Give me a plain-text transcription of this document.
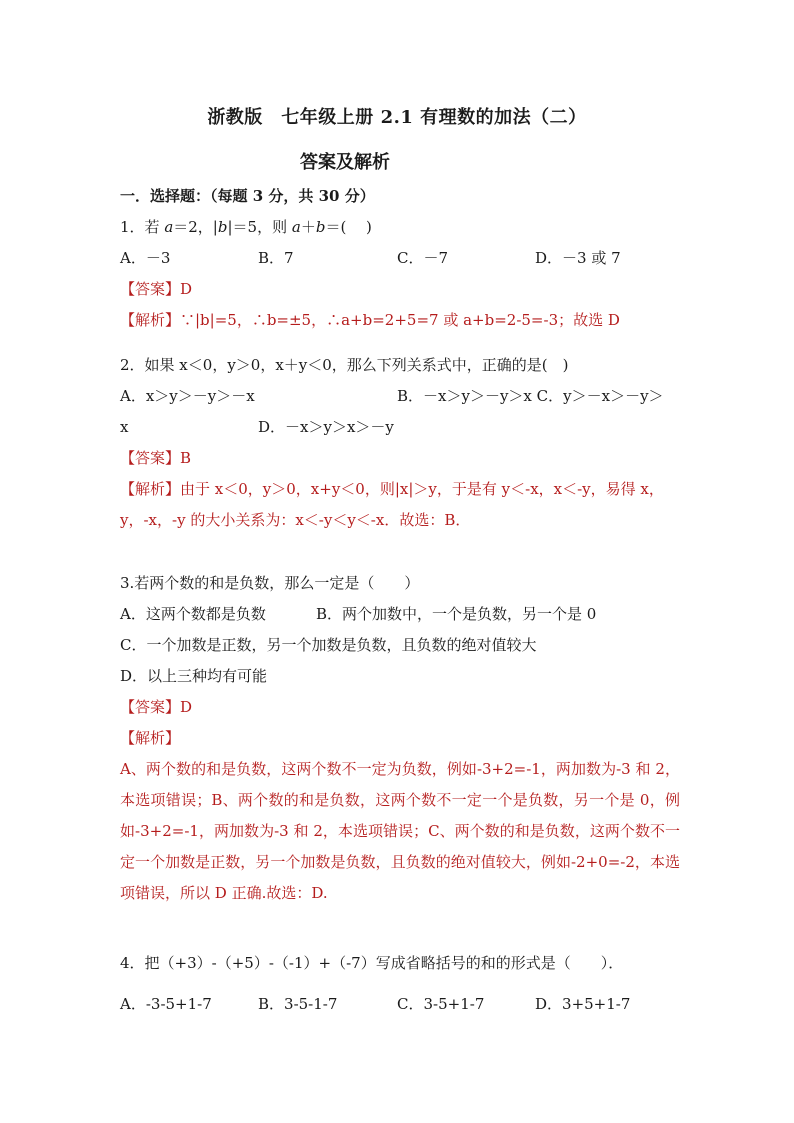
浙教版　七年级上册 2.1 有理数的加法（二）
答案及解析
一．选择题：（每题 3 分，共 30 分）
1．若 a＝2，|b|＝5，则 a＋b＝(　 )
A．－3	B．7	C．－7	D．－3 或 7
【答案】D
【解析】∵|b|=5，∴b=±5，∴a+b=2+5=7 或 a+b=2-5=-3；故选 D
2．如果 x＜0，y＞0，x＋y＜0，那么下列关系式中，正确的是(　)
A．x＞y＞－y＞－x	B．－x＞y＞－y＞x C．y＞－x＞－y＞
x	D．－x＞y＞x＞－y
【答案】B
【解析】由于 x＜0，y＞0，x+y＜0，则|x|＞y，于是有 y＜-x，x＜-y，易得 x，
y，-x，-y 的大小关系为：x＜-y＜y＜-x．故选：B．
3.若两个数的和是负数，那么一定是（　　）
A．这两个数都是负数	B．两个加数中，一个是负数，另一个是 0
C．一个加数是正数，另一个加数是负数，且负数的绝对值较大
D．以上三种均有可能
【答案】D
【解析】
A、两个数的和是负数，这两个数不一定为负数，例如-3+2=-1，两加数为-3 和 2，本选项错误；B、两个数的和是负数，这两个数不一定一个是负数，另一个是 0，例如-3+2=-1，两加数为-3 和 2，本选项错误；C、两个数的和是负数，这两个数不一定一个加数是正数，另一个加数是负数，且负数的绝对值较大，例如-2+0=-2，本选项错误，所以 D 正确.故选：D.
4．把（+3）-（+5）-（-1）+（-7）写成省略括号的和的形式是（　　）．
A．-3-5+1-7	B．3-5-1-7	C．3-5+1-7	D．3+5+1-7
